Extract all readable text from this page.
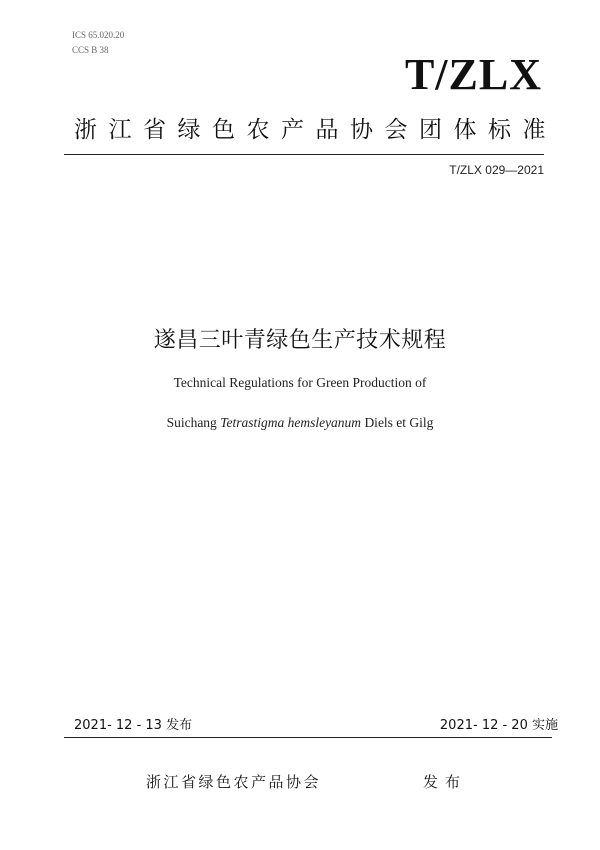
ICS 65.020.20
CCS B 38	T/ZLX
浙江省绿色农产品协会团体标准
T/ZLX 029—2021
遂昌三叶青绿色生产技术规程
Technical Regulations for Green Production of
Suichang Tetrastigma hemsleyanum Diels et Gilg
2021- 12 - 13 发布	2021- 12 - 20 实施
浙江省绿色农产品协会	发布
